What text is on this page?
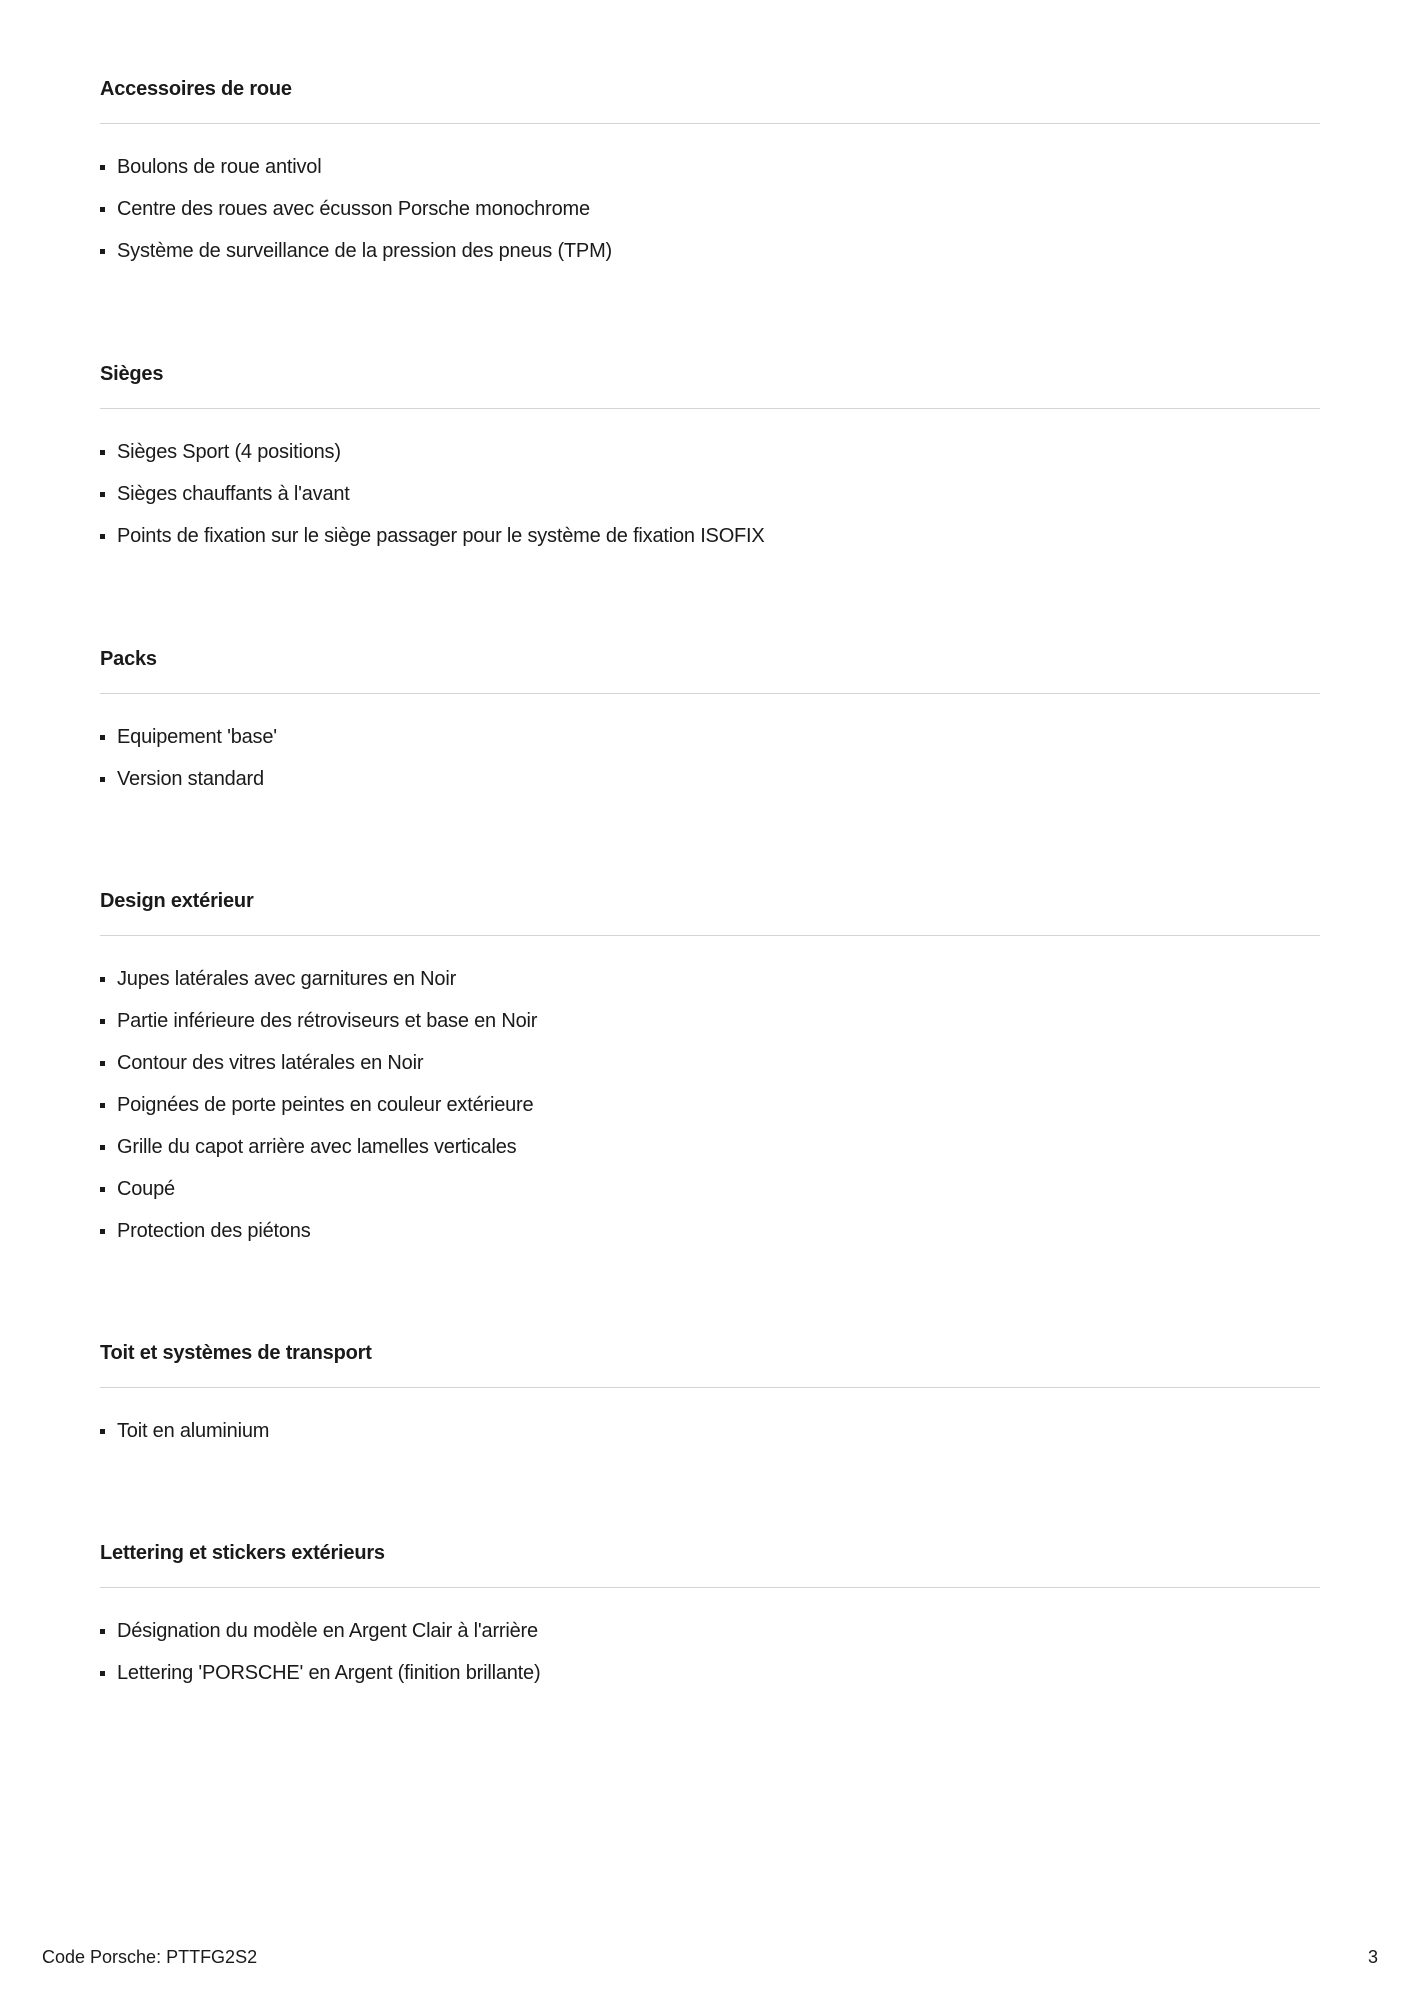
Accessoires de roue
Boulons de roue antivol
Centre des roues avec écusson Porsche monochrome
Système de surveillance de la pression des pneus (TPM)
Sièges
Sièges Sport (4 positions)
Sièges chauffants à l'avant
Points de fixation sur le siège passager pour le système de fixation ISOFIX
Packs
Equipement 'base'
Version standard
Design extérieur
Jupes latérales avec garnitures en Noir
Partie inférieure des rétroviseurs et base en Noir
Contour des vitres latérales en Noir
Poignées de porte peintes en couleur extérieure
Grille du capot arrière avec lamelles verticales
Coupé
Protection des piétons
Toit et systèmes de transport
Toit en aluminium
Lettering et stickers extérieurs
Désignation du modèle en Argent Clair à l'arrière
Lettering 'PORSCHE' en Argent (finition brillante)
Code Porsche: PTTFG2S2	3
